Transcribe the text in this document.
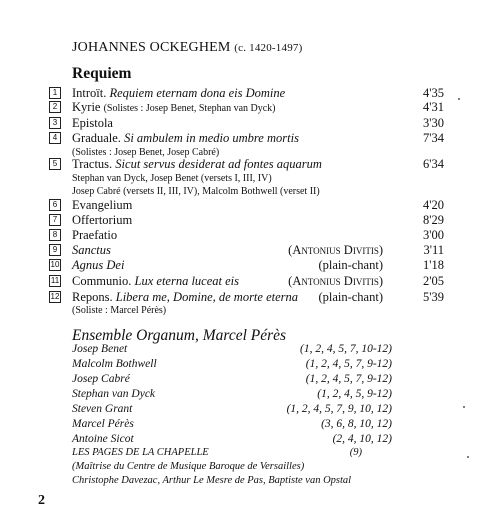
JOHANNES OCKEGHEM (c. 1420-1497)
Requiem
1	Introït. Requiem eternam dona eis Domine	4'35
2	Kyrie (Solistes : Josep Benet, Stephan van Dyck)	4'31
3	Epistola	3'30
4	Graduale. Si ambulem in medio umbre mortis	7'34
(Solistes : Josep Benet, Josep Cabré)
5	Tractus. Sicut servus desiderat ad fontes aquarum	6'34
Stephan van Dyck, Josep Benet (versets I, III, IV)
Josep Cabré (versets II, III, IV), Malcolm Bothwell (verset II)
6	Evangelium	4'20
7	Offertorium	8'29
8	Praefatio	3'00
9	Sanctus	(Antonius Divitis)	3'11
10 Agnus Dei	(plain-chant)	1'18
11 Communio. Lux eterna luceat eis	(Antonius Divitis)	2'05
12 Repons. Libera me, Domine, de morte eterna (plain-chant)	5'39
(Soliste : Marcel Pérès)
Ensemble Organum, Marcel Pérès
Josep Benet	(1, 2, 4, 5, 7, 10-12)
Malcolm Bothwell	(1, 2, 4, 5, 7, 9-12)
Josep Cabré	(1, 2, 4, 5, 7, 9-12)
Stephan van Dyck	(1, 2, 4, 5, 9-12)
Steven Grant	(1, 2, 4, 5, 7, 9, 10, 12)
Marcel Pérès	(3, 6, 8, 10, 12)
Antoine Sicot	(2, 4, 10, 12)
LES PAGES DE LA CHAPELLE	(9)
(Maîtrise du Centre de Musique Baroque de Versailles)
Christophe Davezac, Arthur Le Mesre de Pas, Baptiste van Opstal
2
